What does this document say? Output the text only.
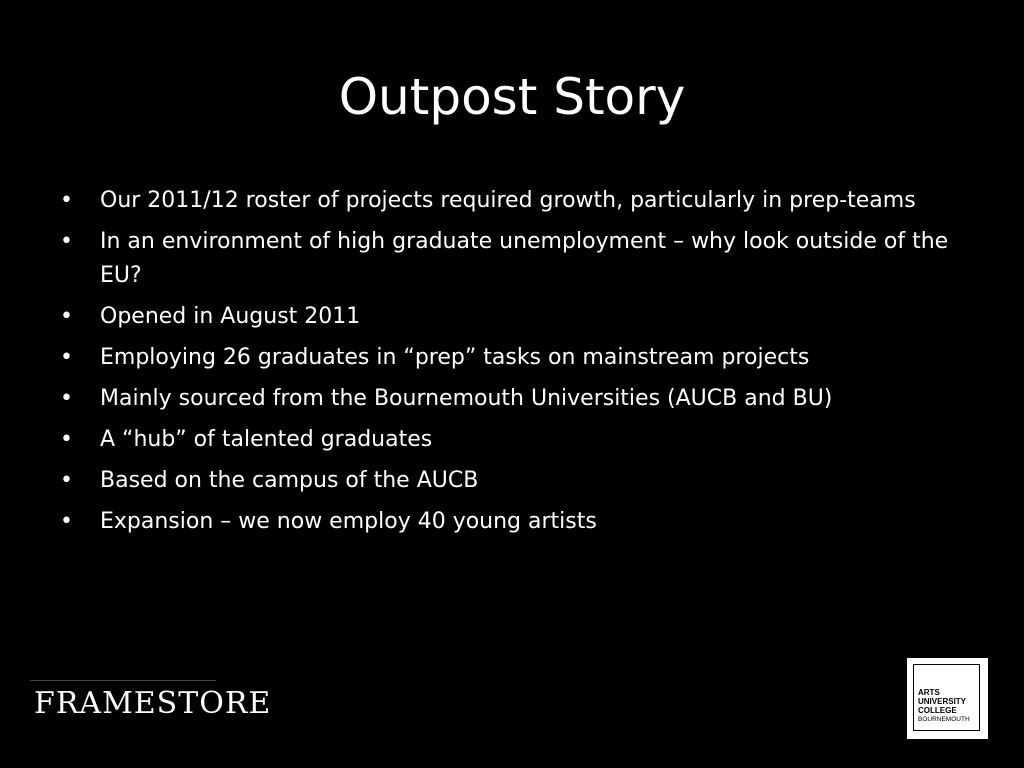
Outpost Story
•	Our 2011/12 roster of projects required growth, particularly in prep-teams
•	In an environment of high graduate unemployment – why look outside of the EU?
•	Opened in August 2011
•	Employing 26 graduates in “prep” tasks on mainstream projects
•	Mainly sourced from the Bournemouth Universities (AUCB and BU)
•	A “hub” of talented graduates
•	Based on the campus of the AUCB
•	Expansion – we now employ 40 young artists
FRAMESTORE	ARTS
UNIVERSITY
COLLEGE
BOURNEMOUTH
